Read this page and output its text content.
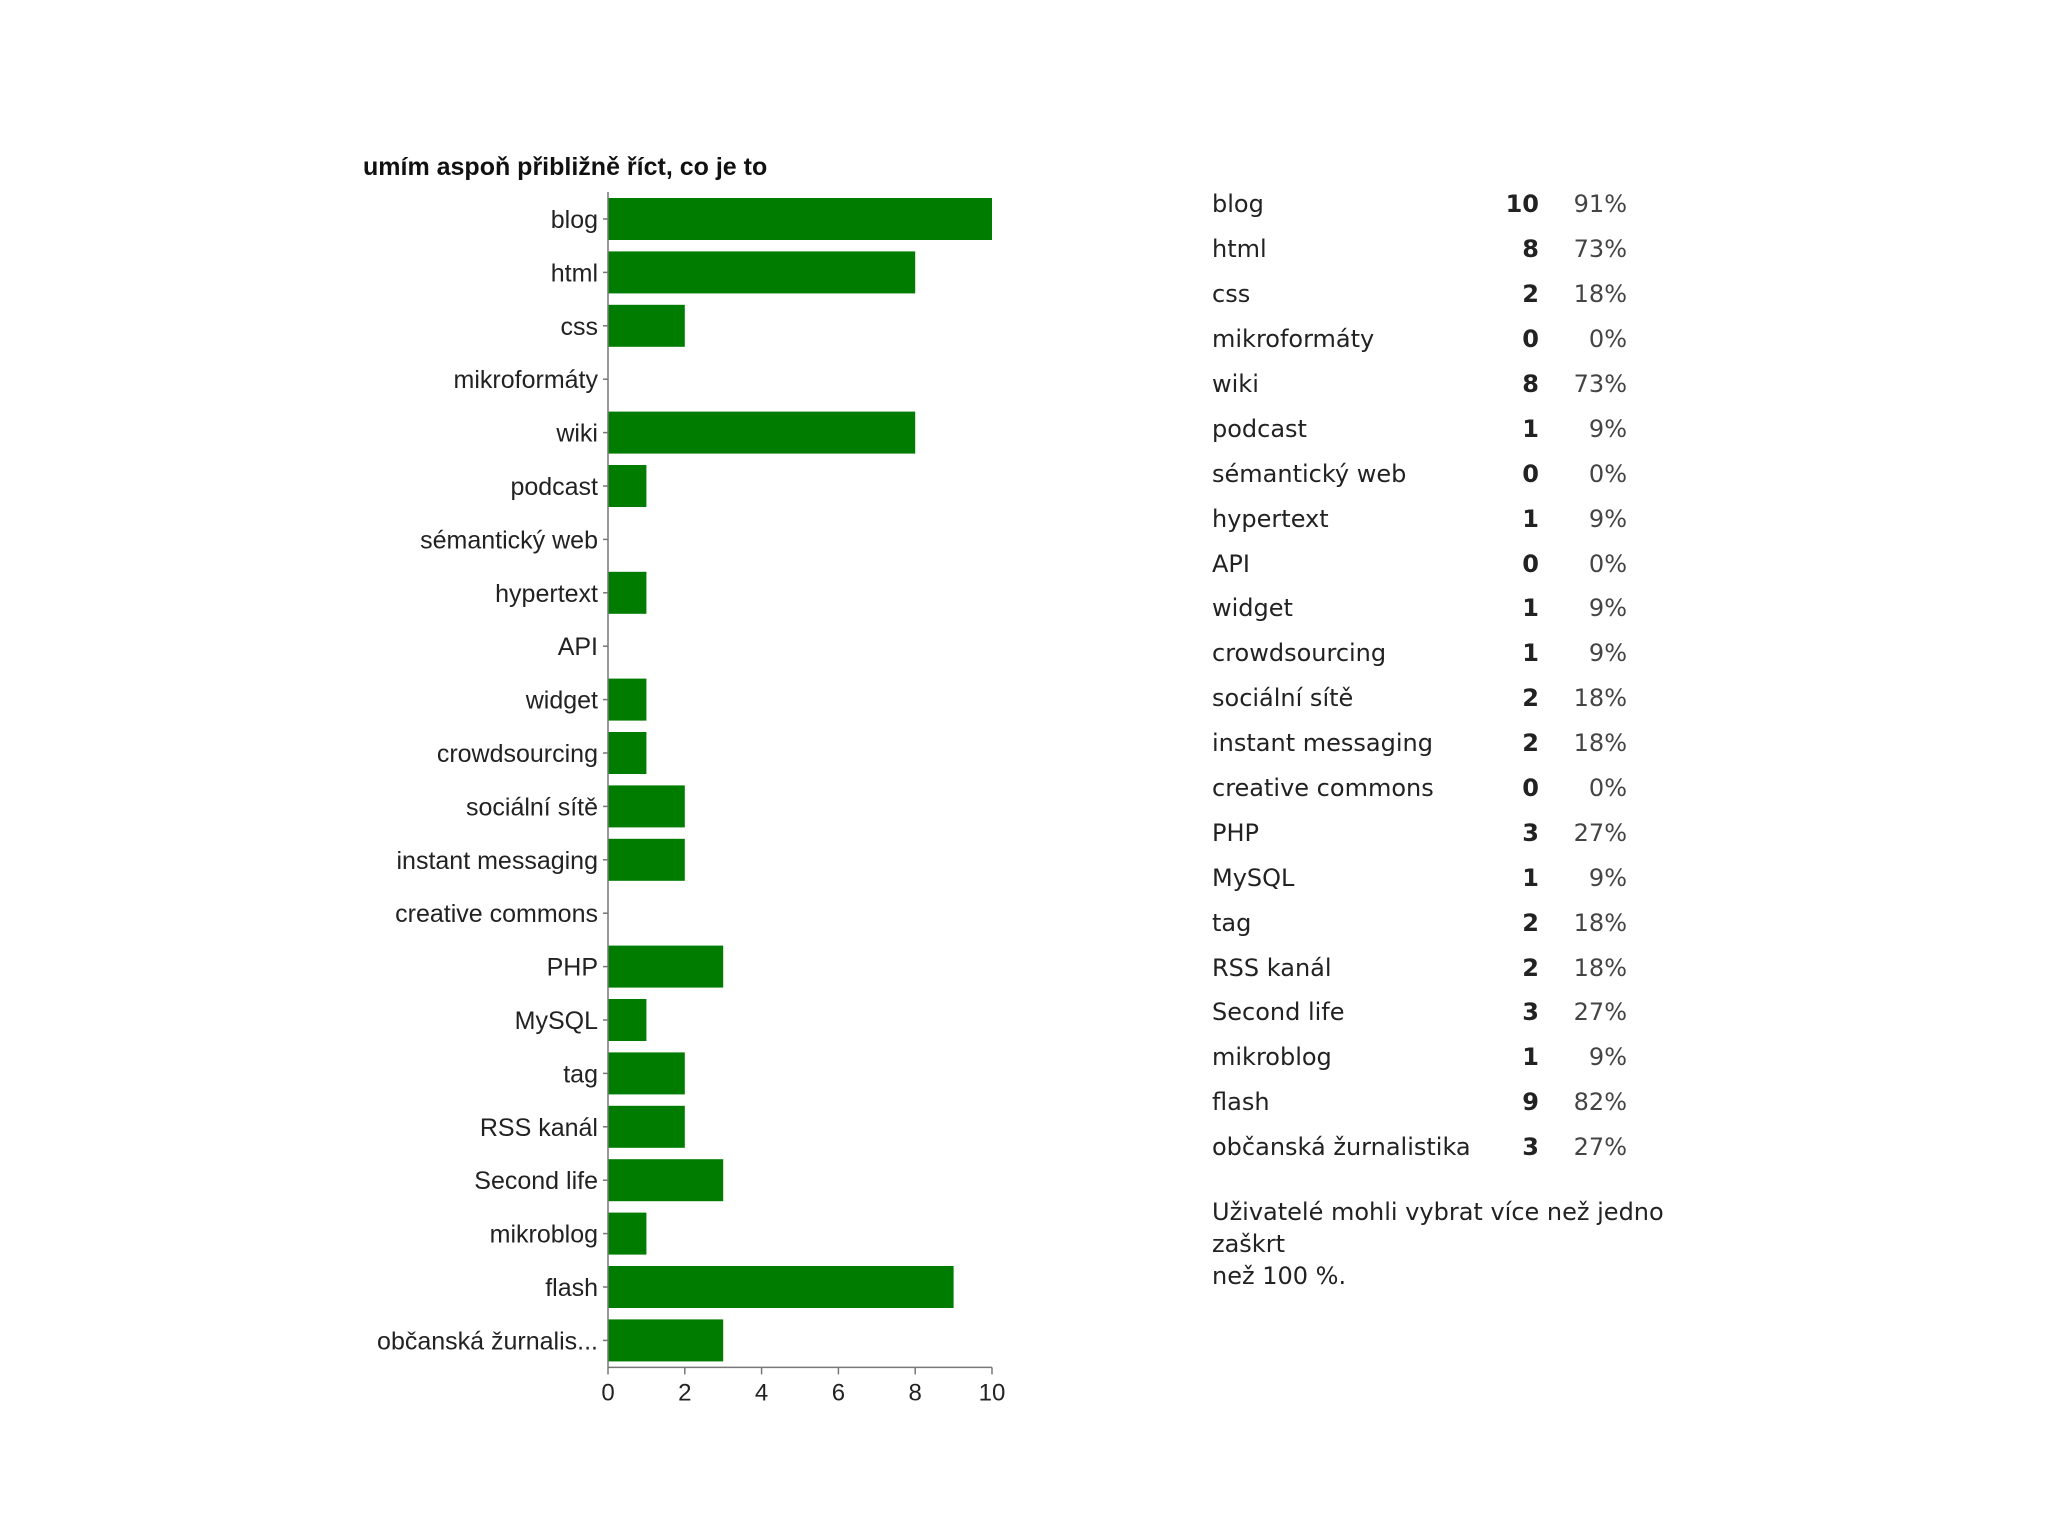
umím aspoň přibližně říct, co je to
blog
html
css
mikroformáty
wiki
podcast
sémantický web
hypertext
API
widget
crowdsourcing
sociální sítě
instant messaging
creative commons
PHP
MySQL
tag
RSS kanál
Second life
mikroblog
flash
občanská žurnalis...
0	2	4	6	8 10
blog	10	91%
html	8	73%
css	2	18%
mikroformáty	0	0%
wiki	8	73%
podcast	1	9%
sémantický web	0	0%
hypertext	1	9%
API	0	0%
widget	1	9%
crowdsourcing	1	9%
sociální sítě	2	18%
instant messaging	2	18%
creative commons	0	0%
PHP	3	27%
MySQL	1	9%
tag	2	18%
RSS kanál	2	18%
Second life	3	27%
mikroblog	1	9%
flash	9	82%
občanská žurnalistika	3	27%
Uživatelé mohli vybrat více než jedno zaškrt
než 100 %.
